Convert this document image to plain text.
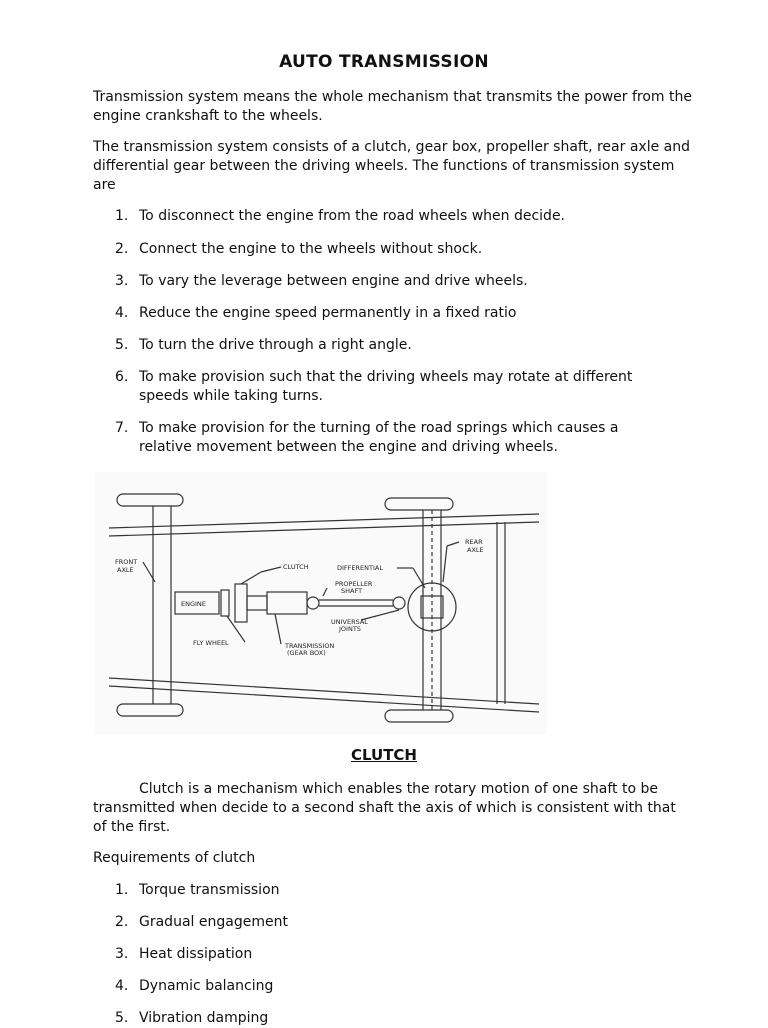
AUTO TRANSMISSION

Transmission system means the whole mechanism that transmits the power from the engine crankshaft to the wheels.

The transmission system consists of a clutch, gear box, propeller shaft, rear axle and differential gear between the driving wheels. The functions of transmission system are

1. To disconnect the engine from the road wheels when decide.
2. Connect the engine to the wheels without shock.
3. To vary the leverage between engine and drive wheels.
4. Reduce the engine speed permanently in a fixed ratio
5. To turn the drive through a right angle.
6. To make provision such that the driving wheels may rotate at different speeds while taking turns.
7. To make provision for the turning of the road springs which causes a relative movement between the engine and driving wheels.
FRONT
AXLE
ENGINE
CLUTCH
FLY WHEEL
DIFFERENTIAL
PROPELLER
SHAFT
UNIVERSAL
JOINTS
TRANSMISSION
(GEAR BOX)
REAR
AXLE
CLUTCH

Clutch is a mechanism which enables the rotary motion of one shaft to be transmitted when decide to a second shaft the axis of which is consistent with that of the first.

Requirements of clutch

1. Torque transmission
2. Gradual engagement
3. Heat dissipation
4. Dynamic balancing
5. Vibration damping
